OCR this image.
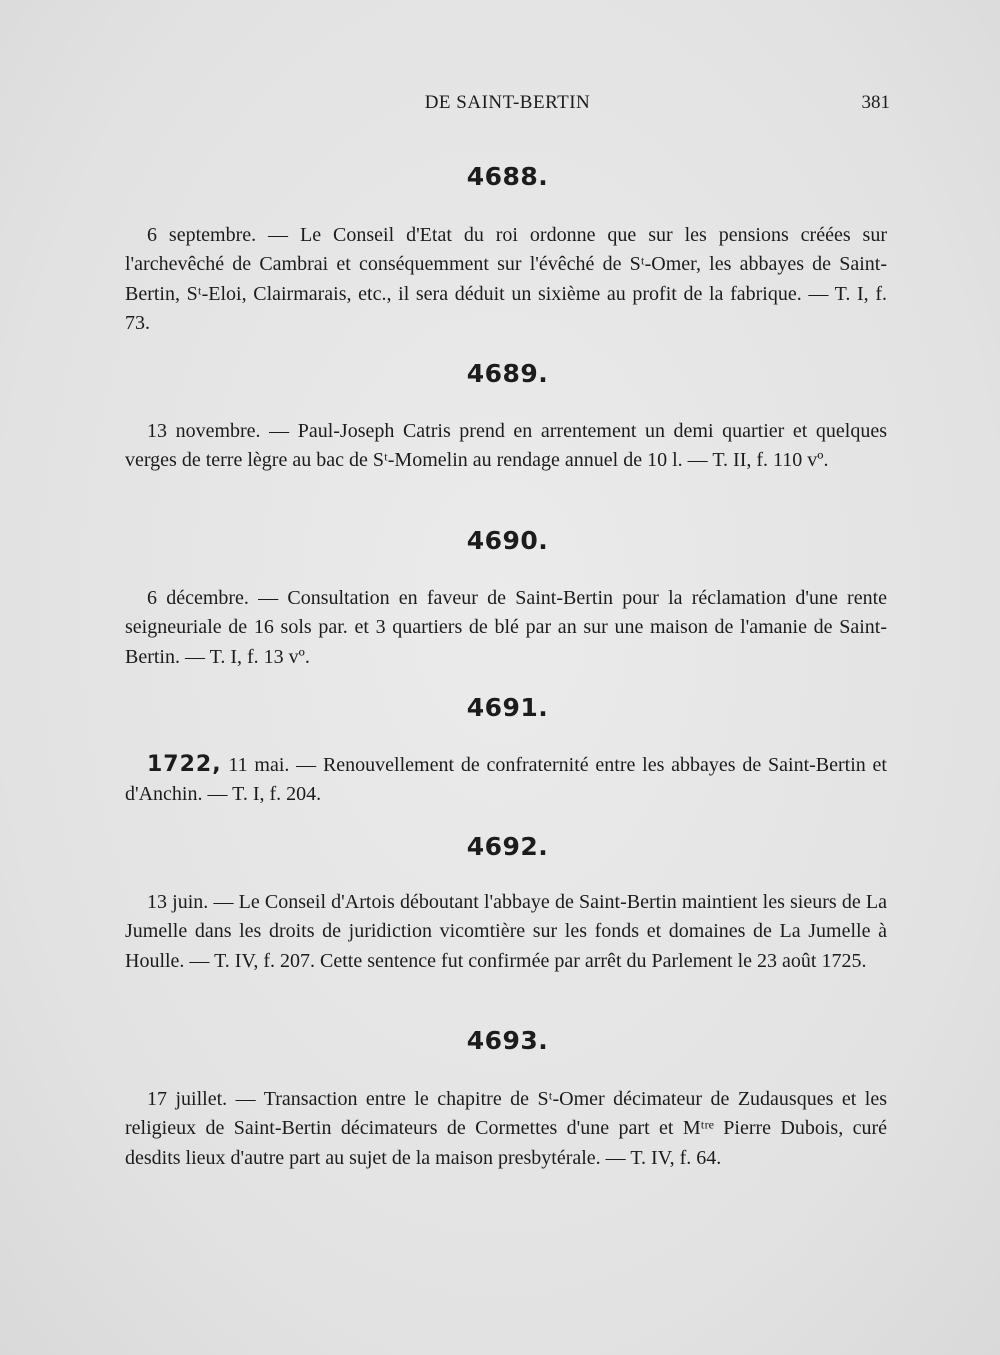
DE SAINT-BERTIN	381
4688.

6 septembre. — Le Conseil d'Etat du roi ordonne que sur les pensions créées sur l'archevêché de Cambrai et conséquemment sur l'évêché de Sᵗ-Omer, les abbayes de Saint-Bertin, Sᵗ-Eloi, Clairmarais, etc., il sera déduit un sixième au profit de la fabrique. — T. I, f. 73.

4689.

13 novembre. — Paul-Joseph Catris prend en arrentement un demi quartier et quelques verges de terre lègre au bac de Sᵗ-Momelin au rendage annuel de 10 l. — T. II, f. 110 vº.

4690.

6 décembre. — Consultation en faveur de Saint-Bertin pour la réclamation d'une rente seigneuriale de 16 sols par. et 3 quartiers de blé par an sur une maison de l'amanie de Saint-Bertin. — T. I, f. 13 vº.

4691.

1722, 11 mai. — Renouvellement de confraternité entre les abbayes de Saint-Bertin et d'Anchin. — T. I, f. 204.

4692.

13 juin. — Le Conseil d'Artois déboutant l'abbaye de Saint-Bertin maintient les sieurs de La Jumelle dans les droits de juridiction vicomtière sur les fonds et domaines de La Jumelle à Houlle. — T. IV, f. 207. Cette sentence fut confirmée par arrêt du Parlement le 23 août 1725.

4693.

17 juillet. — Transaction entre le chapitre de Sᵗ-Omer décimateur de Zudausques et les religieux de Saint-Bertin décimateurs de Cormettes d'une part et Mᵗʳᵉ Pierre Dubois, curé desdits lieux d'autre part au sujet de la maison presbytérale. — T. IV, f. 64.
